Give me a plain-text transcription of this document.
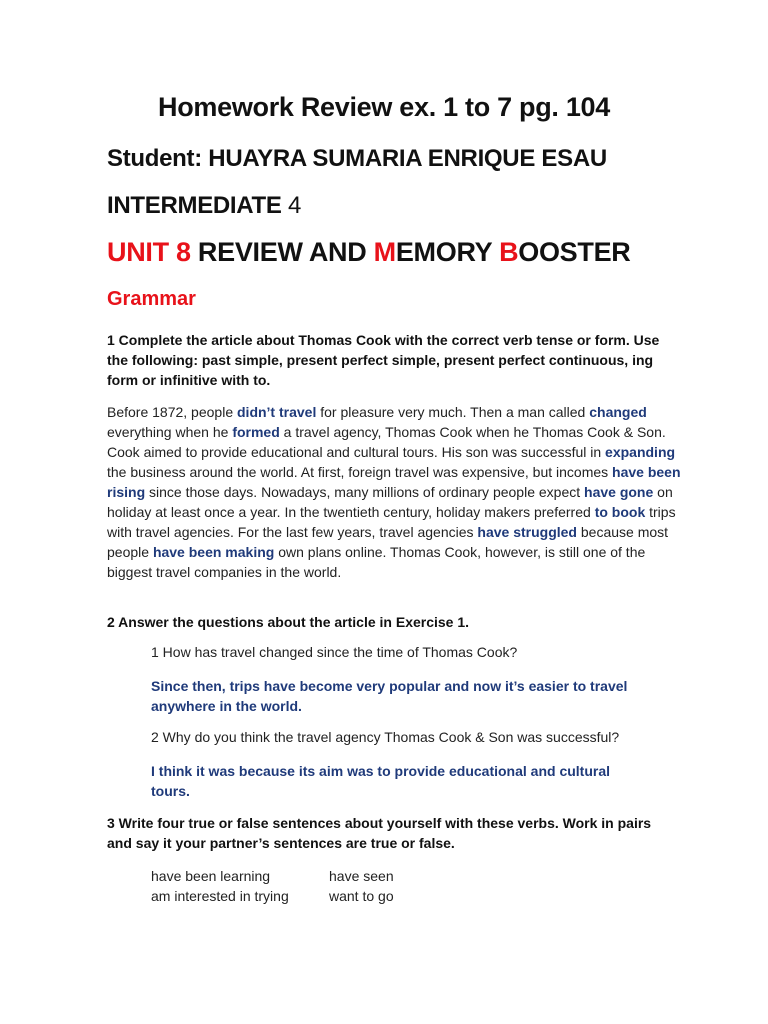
Homework Review ex. 1 to 7 pg. 104
Student: HUAYRA SUMARIA ENRIQUE ESAU
INTERMEDIATE 4
UNIT 8 REVIEW AND MEMORY BOOSTER
Grammar
1 Complete the article about Thomas Cook with the correct verb tense or form. Use the following: past simple, present perfect simple, present perfect continuous, ing form or infinitive with to.
Before 1872, people didn’t travel for pleasure very much. Then a man called changed everything when he formed a travel agency, Thomas Cook when he Thomas Cook & Son. Cook aimed to provide educational and cultural tours. His son was successful in expanding the business around the world. At first, foreign travel was expensive, but incomes have been rising since those days. Nowadays, many millions of ordinary people expect have gone on holiday at least once a year. In the twentieth century, holiday makers preferred to book trips with travel agencies. For the last few years, travel agencies have struggled because most people have been making own plans online. Thomas Cook, however, is still one of the biggest travel companies in the world.
2 Answer the questions about the article in Exercise 1.
1 How has travel changed since the time of Thomas Cook?
Since then, trips have become very popular and now it’s easier to travel anywhere in the world.
2 Why do you think the travel agency Thomas Cook & Son was successful?
I think it was because its aim was to provide educational and cultural tours.
3 Write four true or false sentences about yourself with these verbs. Work in pairs and say it your partner’s sentences are true or false.
have been learning	have seen
am interested in trying	want to go
